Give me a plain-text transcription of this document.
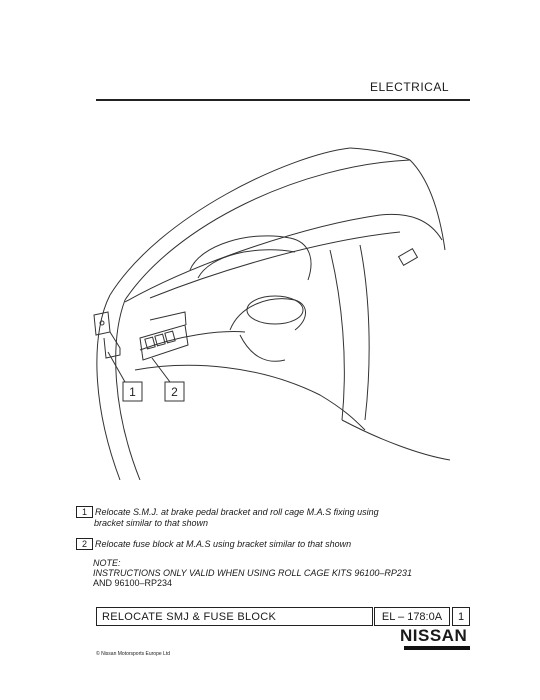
ELECTRICAL
1	2
1 Relocate S.M.J. at brake pedal bracket and roll cage M.A.S fixing using
bracket similar to that shown
2 Relocate fuse block at M.A.S using bracket similar to that shown
NOTE:
INSTRUCTIONS ONLY VALID WHEN USING ROLL CAGE KITS 96100–RP231
AND 96100–RP234
RELOCATE SMJ & FUSE BLOCK	EL – 178:0A	1
NISSAN
© Nissan Motorsports Europe Ltd
